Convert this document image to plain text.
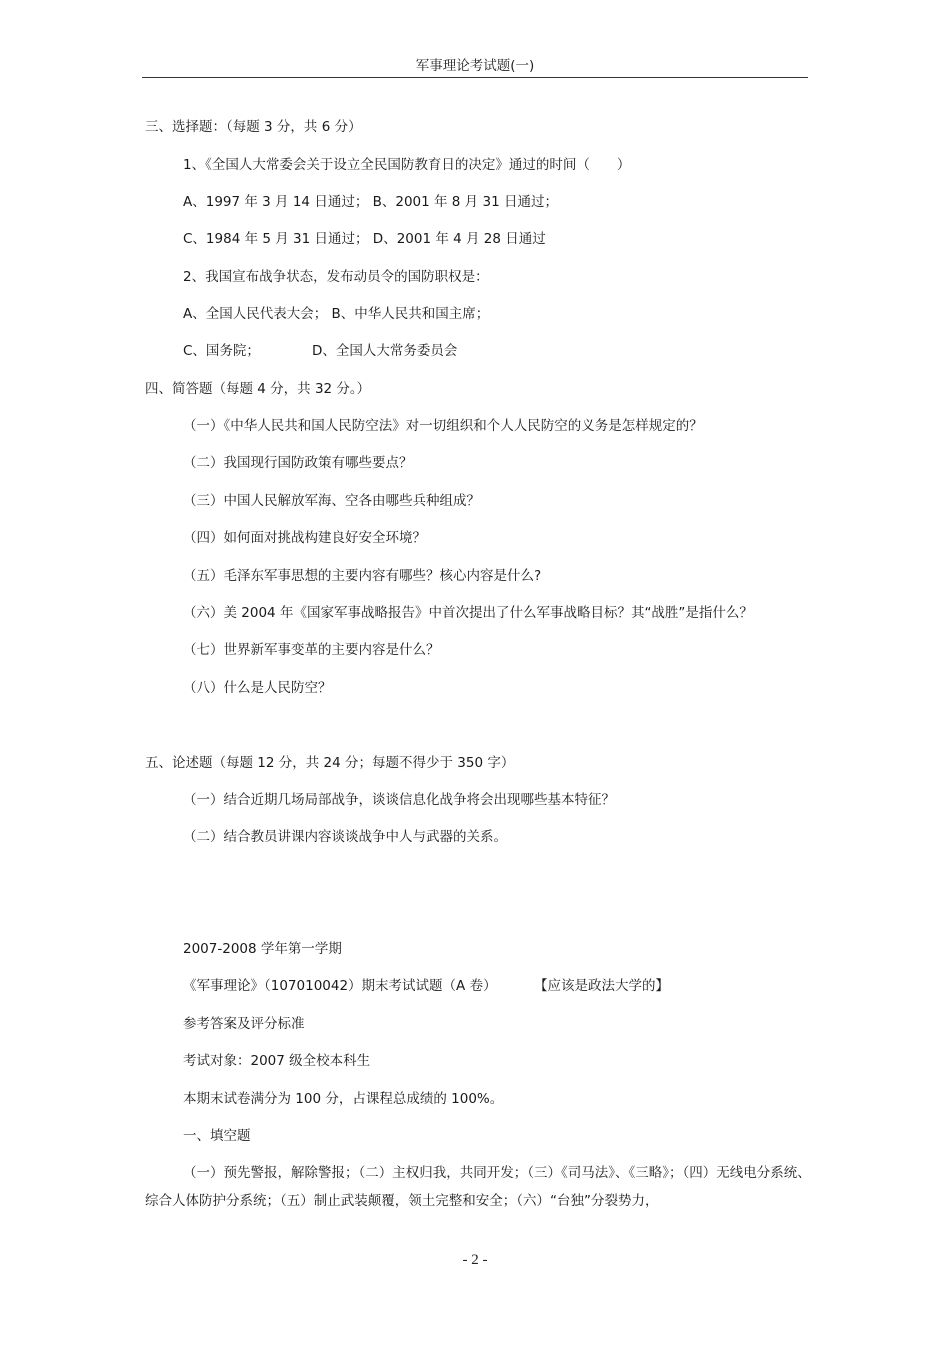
军事理论考试题(一)
三、选择题：（每题 3 分，共 6 分）
1、《全国人大常委会关于设立全民国防教育日的决定》通过的时间（　　）
A、1997 年 3 月 14 日通过； B、2001 年 8 月 31 日通过；
C、1984 年 5 月 31 日通过； D、2001 年 4 月 28 日通过
2、我国宣布战争状态，发布动员令的国防职权是：
A、全国人民代表大会； B、中华人民共和国主席；
C、国务院；	D、全国人大常务委员会
四、简答题（每题 4 分，共 32 分。）
（一）《中华人民共和国人民防空法》对一切组织和个人人民防空的义务是怎样规定的？
（二）我国现行国防政策有哪些要点？
（三）中国人民解放军海、空各由哪些兵种组成？
（四）如何面对挑战构建良好安全环境？
（五）毛泽东军事思想的主要内容有哪些？核心内容是什么?
（六）美 2004 年《国家军事战略报告》中首次提出了什么军事战略目标？其“战胜”是指什么？
（七）世界新军事变革的主要内容是什么？
（八）什么是人民防空？
五、论述题（每题 12 分，共 24 分；每题不得少于 350 字）
（一）结合近期几场局部战争，谈谈信息化战争将会出现哪些基本特征？
（二）结合教员讲课内容谈谈战争中人与武器的关系。
2007-2008 学年第一学期
《军事理论》（107010042）期末考试试题（A 卷）	【应该是政法大学的】
参考答案及评分标准
考试对象：2007 级全校本科生
本期末试卷满分为 100 分，占课程总成绩的 100%。
一、填空题
（一）预先警报，解除警报；（二）主权归我，共同开发；（三）《司马法》、《三略》；（四）无线电分系统、综合人体防护分系统；（五）制止武装颠覆，领土完整和安全；（六）“台独”分裂势力，
- 2 -
